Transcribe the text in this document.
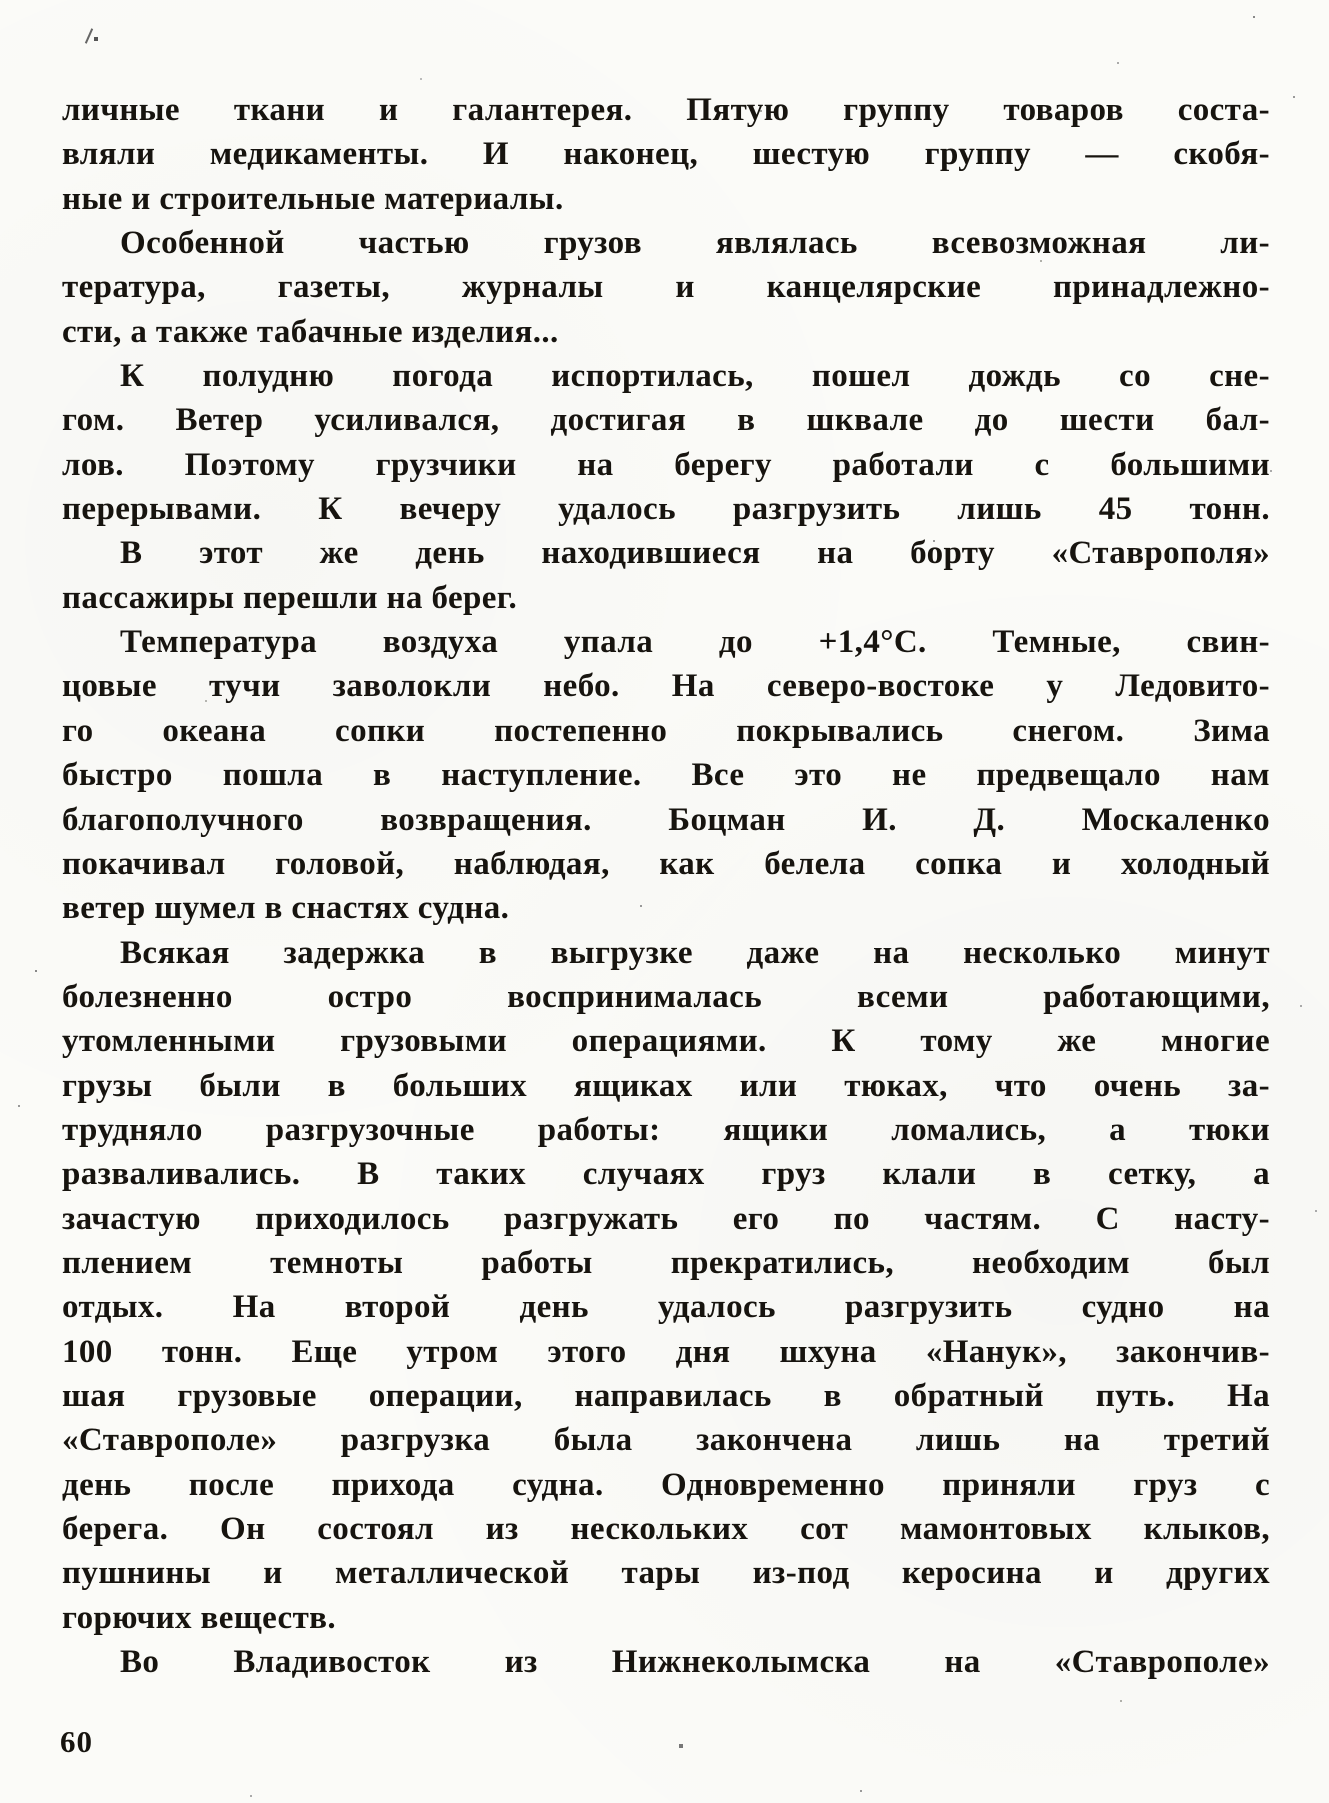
личные ткани и галантерея. Пятую группу товаров соста-
вляли медикаменты. И наконец, шестую группу — скобя-
ные и строительные материалы.
Особенной частью грузов являлась всевозможная ли-
тература, газеты, журналы и канцелярские принадлежно-
сти, а также табачные изделия...
К полудню погода испортилась, пошел дождь со сне-
гом. Ветер усиливался, достигая в шквале до шести бал-
лов. Поэтому грузчики на берегу работали с большими
перерывами. К вечеру удалось разгрузить лишь 45 тонн.
В этот же день находившиеся на борту «Ставрополя»
пассажиры перешли на берег.
Температура воздуха упала до +1,4°С. Темные, свин-
цовые тучи заволокли небо. На северо-востоке у Ледовито-
го океана сопки постепенно покрывались снегом. Зима
быстро пошла в наступление. Все это не предвещало нам
благополучного возвращения. Боцман И. Д. Москаленко
покачивал головой, наблюдая, как белела сопка и холодный
ветер шумел в снастях судна.
Всякая задержка в выгрузке даже на несколько минут
болезненно остро воспринималась всеми работающими,
утомленными грузовыми операциями. К тому же многие
грузы были в больших ящиках или тюках, что очень за-
трудняло разгрузочные работы: ящики ломались, а тюки
разваливались. В таких случаях груз клали в сетку, а
зачастую приходилось разгружать его по частям. С насту-
плением темноты работы прекратились, необходим был
отдых. На второй день удалось разгрузить судно на
100 тонн. Еще утром этого дня шхуна «Нанук», закончив-
шая грузовые операции, направилась в обратный путь. На
«Ставрополе» разгрузка была закончена лишь на третий
день после прихода судна. Одновременно приняли груз с
берега. Он состоял из нескольких сот мамонтовых клыков,
пушнины и металлической тары из-под керосина и других
горючих веществ.
Во Владивосток из Нижнеколымска на «Ставрополе»
60
